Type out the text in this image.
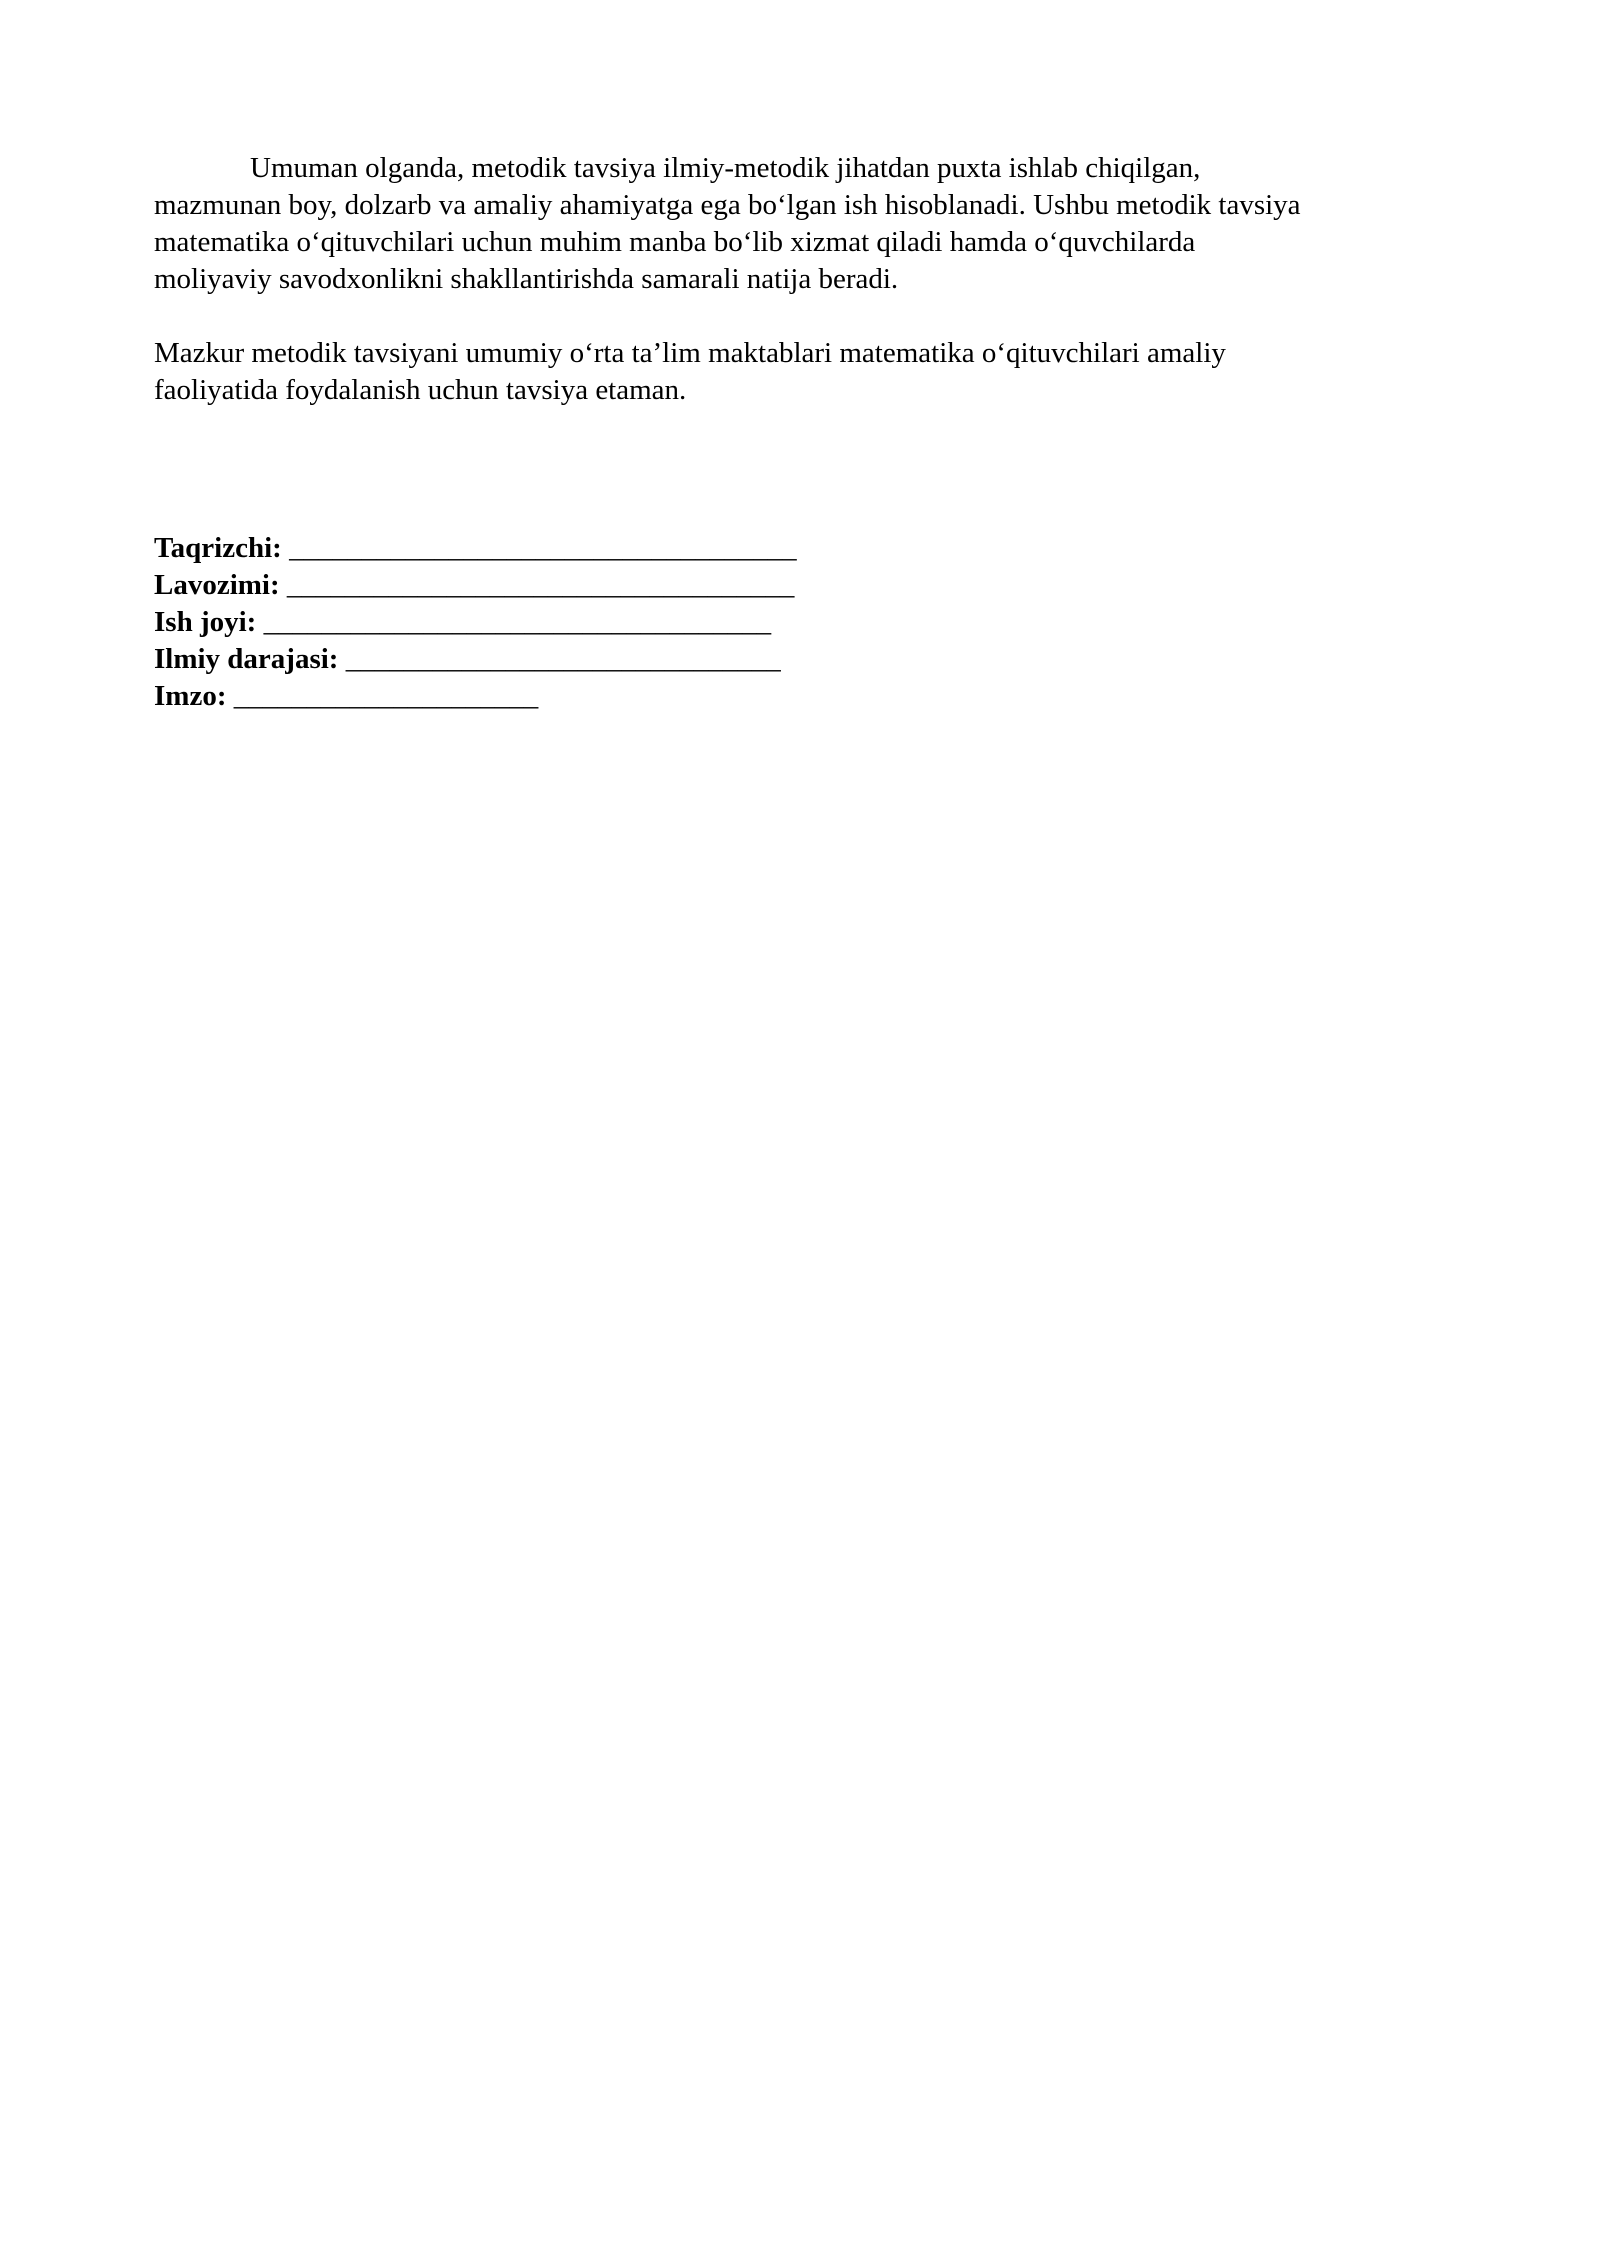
Umuman olganda, metodik tavsiya ilmiy-metodik jihatdan puxta ishlab chiqilgan,
mazmunan boy, dolzarb va amaliy ahamiyatga ega bo‘lgan ish hisoblanadi. Ushbu metodik tavsiya
matematika o‘qituvchilari uchun muhim manba bo‘lib xizmat qiladi hamda o‘quvchilarda
moliyaviy savodxonlikni shakllantirishda samarali natija beradi.

Mazkur metodik tavsiyani umumiy o‘rta ta’lim maktablari matematika o‘qituvchilari amaliy
faoliyatida foydalanish uchun tavsiya etaman.

Taqrizchi: ___________________________________
Lavozimi: ___________________________________
Ish joyi: ___________________________________
Ilmiy darajasi: ______________________________
Imzo: _____________________
